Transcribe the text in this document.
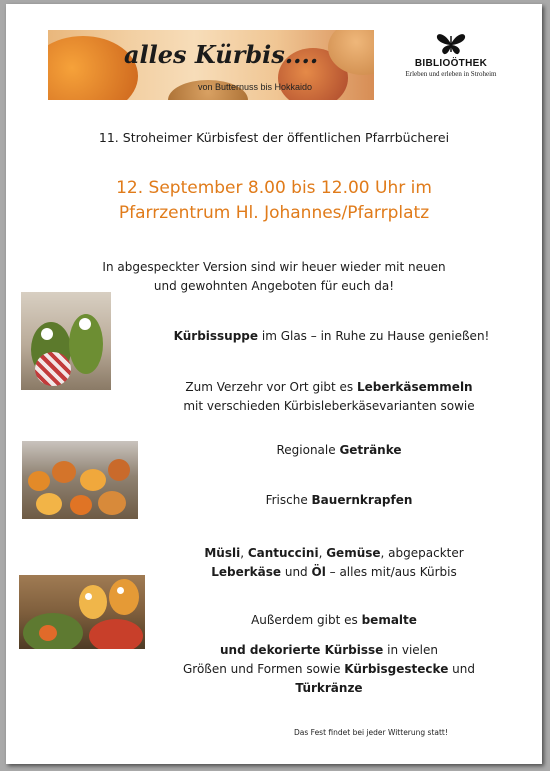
alles Kürbis....
von Butternuss bis Hokkaido
BIBLIOÖTHEK
Erleben und erleben in Stroheim
11. Stroheimer Kürbisfest der öffentlichen Pfarrbücherei
12. September 8.00 bis 12.00 Uhr im
Pfarrzentrum Hl. Johannes/Pfarrplatz
In abgespeckter Version sind wir heuer wieder mit neuen
und gewohnten Angeboten für euch da!
Kürbissuppe im Glas – in Ruhe zu Hause genießen!
Zum Verzehr vor Ort gibt es Leberkäsemmeln
mit verschieden Kürbisleberkäsevarianten sowie
Regionale Getränke
Frische Bauernkrapfen
Müsli, Cantuccini, Gemüse, abgepackter
Leberkäse und Öl – alles mit/aus Kürbis
Außerdem gibt es bemalte
und dekorierte Kürbisse in vielen
Größen und Formen sowie Kürbisgestecke und
Türkränze
Das Fest findet bei jeder Witterung statt!
